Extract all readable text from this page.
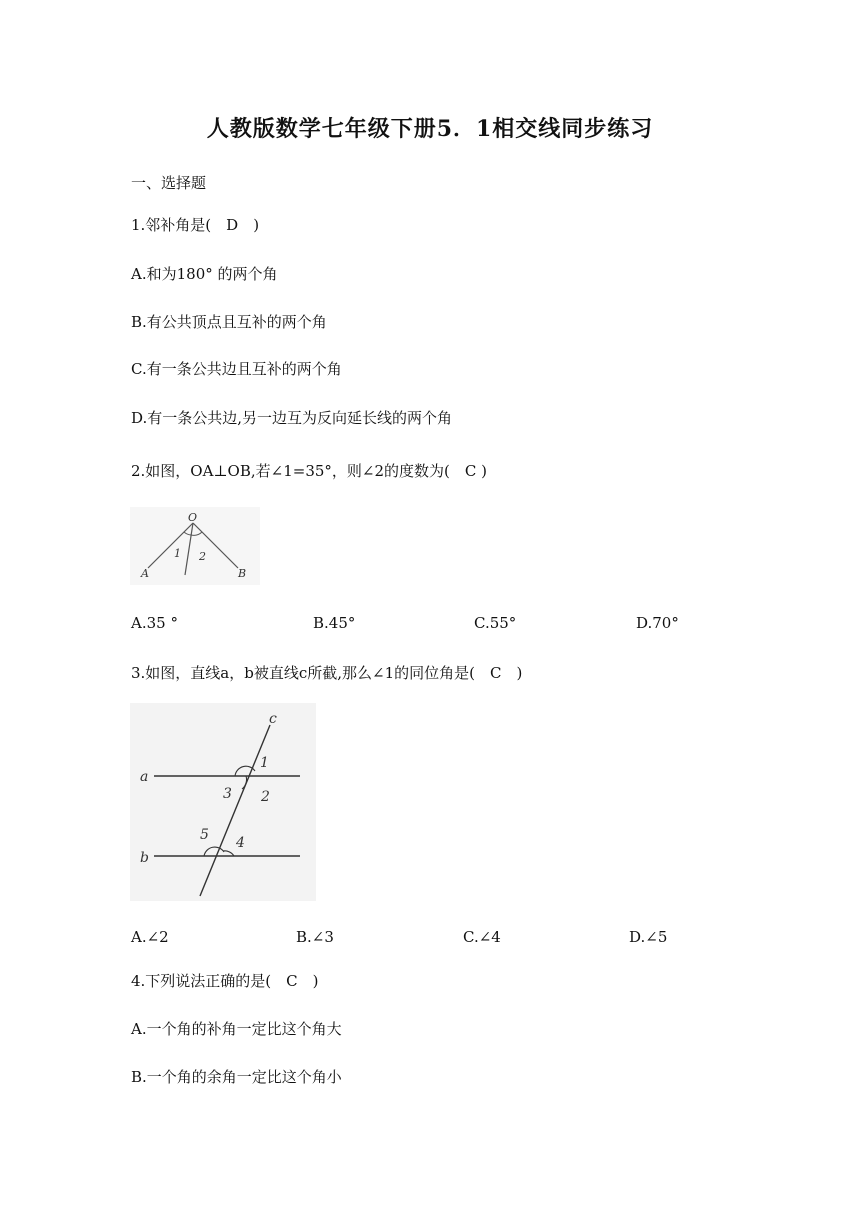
人教版数学七年级下册5．1相交线同步练习
一、选择题
1.邻补角是(　D　)
A.和为180° 的两个角
B.有公共顶点且互补的两个角
C.有一条公共边且互补的两个角
D.有一条公共边,另一边互为反向延长线的两个角
2.如图，OA⊥OB,若∠1=35°，则∠2的度数为(　C )
O
A	B
1 2
A.35 °	B.45°	C.55°	D.70°
3.如图，直线a，b被直线c所截,那么∠1的同位角是(　C　)
c
a
b
1
2
3
4
5
A.∠2	B.∠3	C.∠4	D.∠5
4.下列说法正确的是(　C　)
A.一个角的补角一定比这个角大
B.一个角的余角一定比这个角小
